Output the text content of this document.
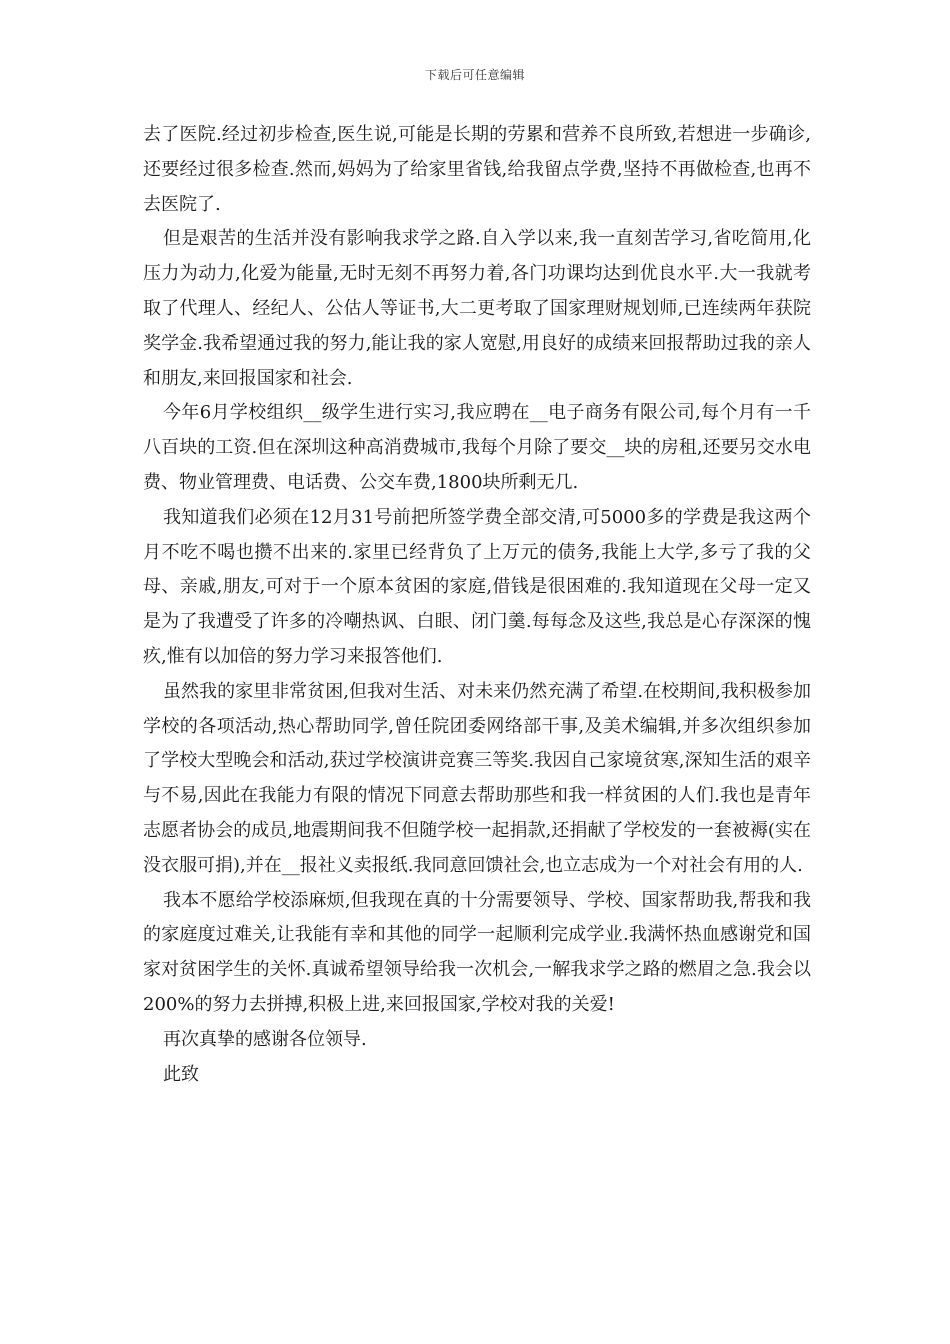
下载后可任意编辑

去了医院.经过初步检查,医生说,可能是长期的劳累和营养不良所致,若想进一步确诊,还要经过很多检查.然而,妈妈为了给家里省钱,给我留点学费,坚持不再做检查,也再不去医院了.

但是艰苦的生活并没有影响我求学之路.自入学以来,我一直刻苦学习,省吃简用,化压力为动力,化爱为能量,无时无刻不再努力着,各门功课均达到优良水平.大一我就考取了代理人、经纪人、公估人等证书,大二更考取了国家理财规划师,已连续两年获院奖学金.我希望通过我的努力,能让我的家人宽慰,用良好的成绩来回报帮助过我的亲人和朋友,来回报国家和社会.

今年6月学校组织__级学生进行实习,我应聘在__电子商务有限公司,每个月有一千八百块的工资.但在深圳这种高消费城市,我每个月除了要交__块的房租,还要另交水电费、物业管理费、电话费、公交车费,1800块所剩无几.

我知道我们必须在12月31号前把所签学费全部交清,可5000多的学费是我这两个月不吃不喝也攒不出来的.家里已经背负了上万元的债务,我能上大学,多亏了我的父母、亲戚,朋友,可对于一个原本贫困的家庭,借钱是很困难的.我知道现在父母一定又是为了我遭受了许多的冷嘲热讽、白眼、闭门羹.每每念及这些,我总是心存深深的愧疚,惟有以加倍的努力学习来报答他们.

虽然我的家里非常贫困,但我对生活、对未来仍然充满了希望.在校期间,我积极参加学校的各项活动,热心帮助同学,曾任院团委网络部干事,及美术编辑,并多次组织参加了学校大型晚会和活动,获过学校演讲竞赛三等奖.我因自己家境贫寒,深知生活的艰辛与不易,因此在我能力有限的情况下同意去帮助那些和我一样贫困的人们.我也是青年志愿者协会的成员,地震期间我不但随学校一起捐款,还捐献了学校发的一套被褥(实在没衣服可捐),并在__报社义卖报纸.我同意回馈社会,也立志成为一个对社会有用的人.

我本不愿给学校添麻烦,但我现在真的十分需要领导、学校、国家帮助我,帮我和我的家庭度过难关,让我能有幸和其他的同学一起顺利完成学业.我满怀热血感谢党和国家对贫困学生的关怀.真诚希望领导给我一次机会,一解我求学之路的燃眉之急.我会以200%的努力去拼搏,积极上进,来回报国家,学校对我的关爱!

再次真挚的感谢各位领导.

此致
